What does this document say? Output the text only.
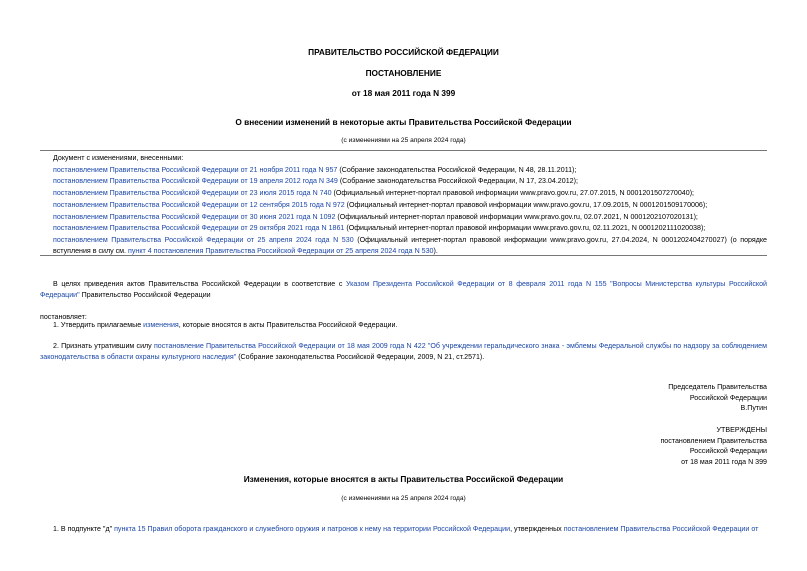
ПРАВИТЕЛЬСТВО РОССИЙСКОЙ ФЕДЕРАЦИИ
ПОСТАНОВЛЕНИЕ
от 18 мая 2011 года N 399
О внесении изменений в некоторые акты Правительства Российской Федерации
(с изменениями на 25 апреля 2024 года)
Документ с изменениями, внесенными:
постановлением Правительства Российской Федерации от 21 ноября 2011 года N 957 (Собрание законодательства Российской Федерации, N 48, 28.11.2011);
постановлением Правительства Российской Федерации от 19 апреля 2012 года N 349 (Собрание законодательства Российской Федерации, N 17, 23.04.2012);
постановлением Правительства Российской Федерации от 23 июля 2015 года N 740 (Официальный интернет-портал правовой информации www.pravo.gov.ru, 27.07.2015, N 0001201507270040);
постановлением Правительства Российской Федерации от 12 сентября 2015 года N 972 (Официальный интернет-портал правовой информации www.pravo.gov.ru, 17.09.2015, N 0001201509170006);
постановлением Правительства Российской Федерации от 30 июня 2021 года N 1092 (Официальный интернет-портал правовой информации www.pravo.gov.ru, 02.07.2021, N 0001202107020131);
постановлением Правительства Российской Федерации от 29 октября 2021 года N 1861 (Официальный интернет-портал правовой информации www.pravo.gov.ru, 02.11.2021, N 0001202111020038);
постановлением Правительства Российской Федерации от 25 апреля 2024 года N 530 (Официальный интернет-портал правовой информации www.pravo.gov.ru, 27.04.2024, N 0001202404270027) (о порядке вступления в силу см. пункт 4 постановления Правительства Российской Федерации от 25 апреля 2024 года N 530).
В целях приведения актов Правительства Российской Федерации в соответствие с Указом Президента Российской Федерации от 8 февраля 2011 года N 155 "Вопросы Министерства культуры Российской Федерации" Правительство Российской Федерации
постановляет:
1. Утвердить прилагаемые изменения, которые вносятся в акты Правительства Российской Федерации.
2. Признать утратившим силу постановление Правительства Российской Федерации от 18 мая 2009 года N 422 "Об учреждении геральдического знака - эмблемы Федеральной службы по надзору за соблюдением законодательства в области охраны культурного наследия" (Собрание законодательства Российской Федерации, 2009, N 21, ст.2571).
Председатель Правительства
Российской Федерации
В.Путин
УТВЕРЖДЕНЫ
постановлением Правительства
Российской Федерации
от 18 мая 2011 года N 399
Изменения, которые вносятся в акты Правительства Российской Федерации
(с изменениями на 25 апреля 2024 года)
1. В подпункте "д" пункта 15 Правил оборота гражданского и служебного оружия и патронов к нему на территории Российской Федерации, утвержденных постановлением Правительства Российской Федерации от
